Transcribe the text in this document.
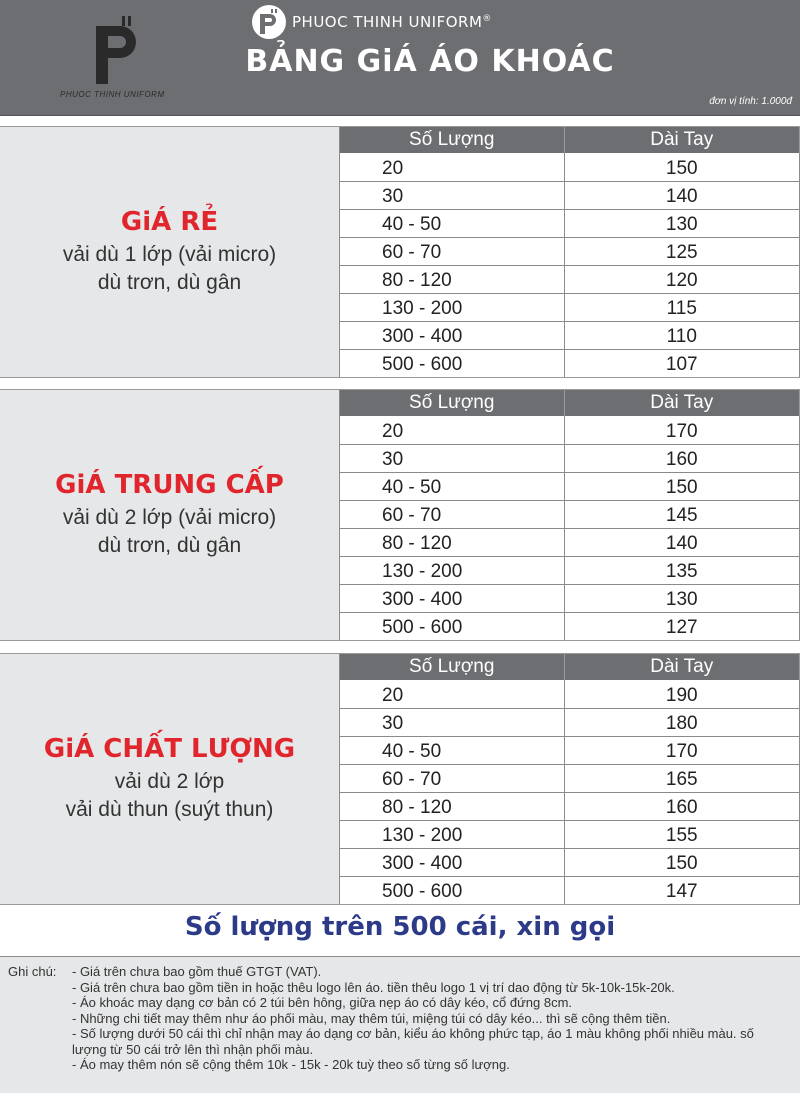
PHUOC THINH UNIFORM
PHUOC THINH UNIFORM®
BẢNG GiÁ ÁO KHOÁC
đơn vị tính: 1.000đ
GiÁ RẺ
vải dù 1 lớp (vải micro)
dù trơn, dù gân
Số Lượng	Dài Tay
20	150
30	140
40 - 50	130
60 - 70	125
80 - 120	120
130 - 200	115
300 - 400	110
500 - 600	107
GiÁ TRUNG CẤP
vải dù 2 lớp (vải micro)
dù trơn, dù gân
Số Lượng	Dài Tay
20	170
30	160
40 - 50	150
60 - 70	145
80 - 120	140
130 - 200	135
300 - 400	130
500 - 600	127
GiÁ CHẤT LƯỢNG
vải dù 2 lớp
vải dù thun (suýt thun)
Số Lượng	Dài Tay
20	190
30	180
40 - 50	170
60 - 70	165
80 - 120	160
130 - 200	155
300 - 400	150
500 - 600	147
Số lượng trên 500 cái, xin gọi
Ghi chú: - Giá trên chưa bao gồm thuế GTGT (VAT).
- Giá trên chưa bao gồm tiền in hoặc thêu logo lên áo. tiền thêu logo 1 vị trí dao động từ 5k-10k-15k-20k.
- Áo khoác may dạng cơ bản có 2 túi bên hông, giữa nẹp áo có dây kéo, cổ đứng 8cm.
- Những chi tiết may thêm như áo phối màu, may thêm túi, miệng túi có dây kéo... thì sẽ cộng thêm tiền.
- Số lượng dưới 50 cái thì chỉ nhận may áo dạng cơ bản, kiểu áo không phức tạp, áo 1 màu không phối nhiều màu. số lượng từ 50 cái trở lên thì nhận phối màu.
- Áo may thêm nón sẽ cộng thêm 10k - 15k - 20k tuỳ theo số từng số lượng.
